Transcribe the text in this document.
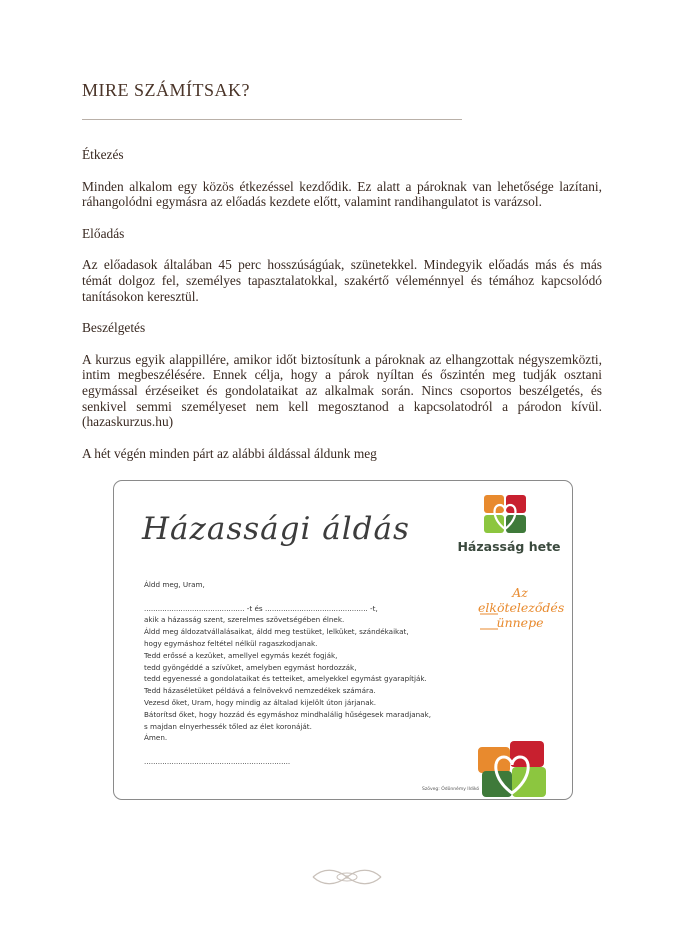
MIRE SZÁMÍTSAK?
Étkezés

Minden alkalom egy közös étkezéssel kezdődik. Ez alatt a pároknak van lehetősége lazítani, ráhangolódni egymásra az előadás kezdete előtt, valamint randihangulatot is varázsol.

Előadás

Az előadasok általában 45 perc hosszúságúak, szünetekkel. Mindegyik előadás más és más témát dolgoz fel, személyes tapasztalatokkal, szakértő véleménnyel és témához kapcsolódó tanításokon keresztül.

Beszélgetés

A kurzus egyik alappillére, amikor időt biztosítunk a pároknak az elhangzottak négyszemközti, intim megbeszélésére. Ennek célja, hogy a párok nyíltan és őszintén meg tudják osztani egymással érzéseiket és gondolataikat az alkalmak során. Nincs csoportos beszélgetés, és senkivel semmi személyeset nem kell megosztanod a kapcsolatodról a párodon kívül. (hazaskurzus.hu)

A hét végén minden párt az alábbi áldással áldunk meg

Házassági áldás	Házasság hete
Az
elköteleződés
ünnepe
Áldd meg, Uram,

............................................ -t és ............................................. -t,
akik a házasság szent, szerelmes szövetségében élnek.
Áldd meg áldozatvállalásaikat, áldd meg testüket, lelküket, szándékaikat,
hogy egymáshoz feltétel nélkül ragaszkodjanak.
Tedd erőssé a kezüket, amellyel egymás kezét fogják,
tedd gyöngéddé a szívüket, amelyben egymást hordozzák,
tedd egyenessé a gondolataikat és tetteiket, amelyekkel egymást gyarapítják.
Tedd házaséletüket példává a felnövekvő nemzedékek számára.
Vezesd őket, Uram, hogy mindig az általad kijelölt úton járjanak.
Bátorítsd őket, hogy hozzád és egymáshoz mindhalálig hűségesek maradjanak,
s majdan elnyerhessék tőled az élet koronáját.
Ámen.

................................................................
Szöveg: Ódönnémy Ildikó
